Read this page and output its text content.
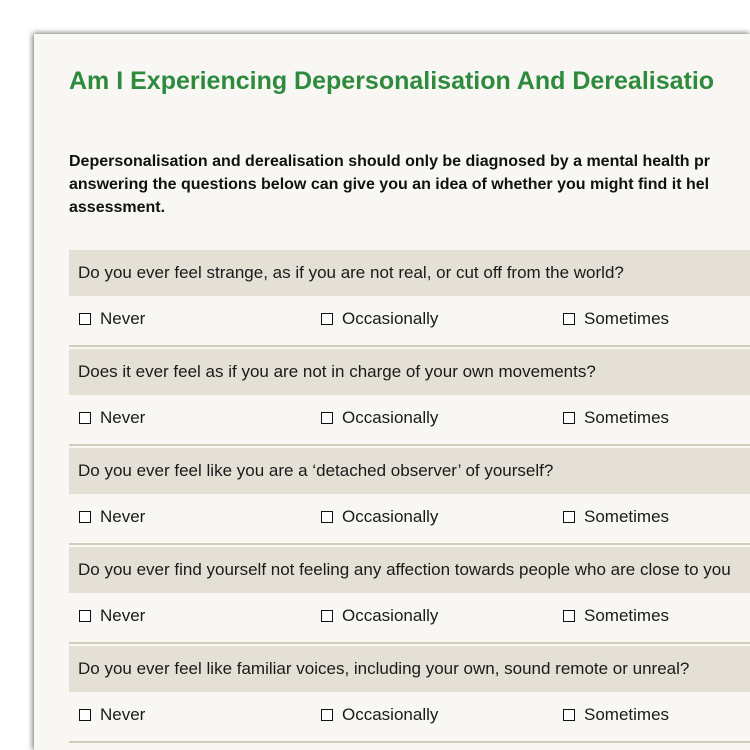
Am I Experiencing Depersonalisation And Derealisatio

Depersonalisation and derealisation should only be diagnosed by a mental health pr
answering the questions below can give you an idea of whether you might find it hel
assessment.

Do you ever feel strange, as if you are not real, or cut off from the world?
Never	Occasionally	Sometimes
Does it ever feel as if you are not in charge of your own movements?
Never	Occasionally	Sometimes
Do you ever feel like you are a ‘detached observer’ of yourself?
Never	Occasionally	Sometimes
Do you ever find yourself not feeling any affection towards people who are close to you
Never	Occasionally	Sometimes
Do you ever feel like familiar voices, including your own, sound remote or unreal?
Never	Occasionally	Sometimes
